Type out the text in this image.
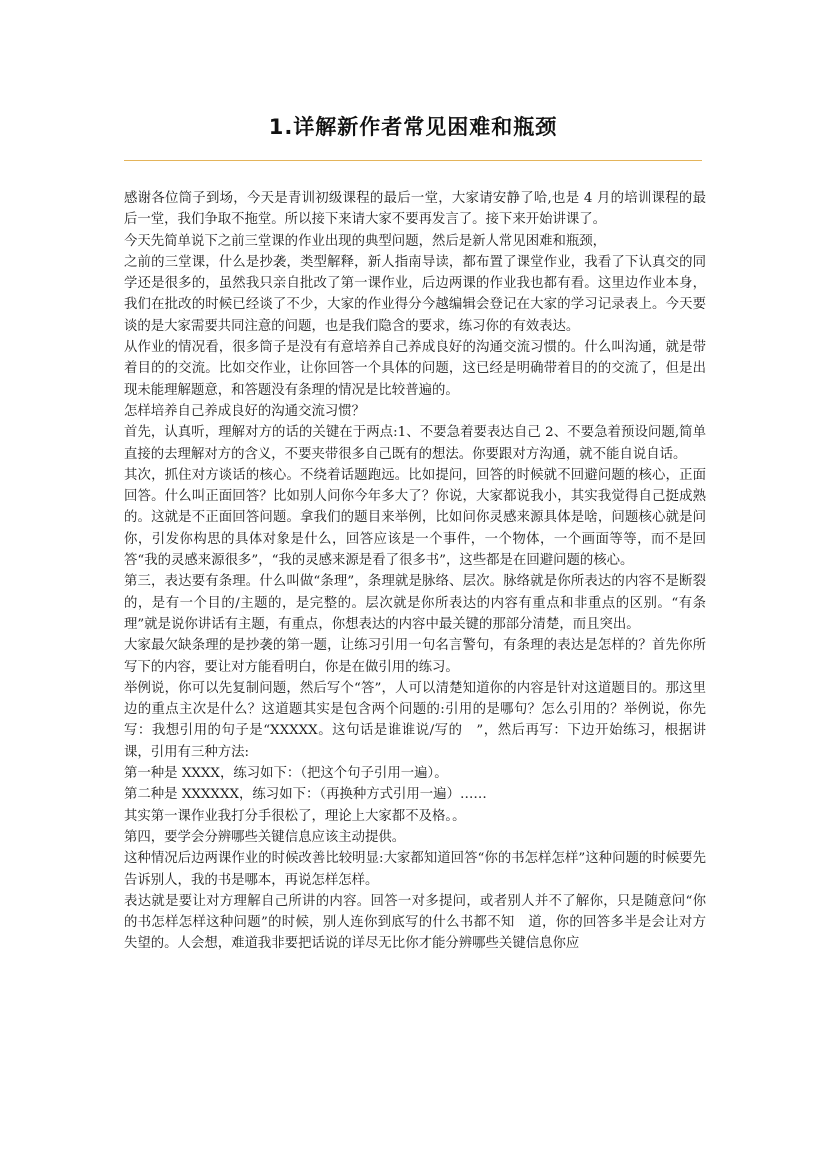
1.详解新作者常见困难和瓶颈

感谢各位筒子到场，今天是青训初级课程的最后一堂，大家请安静了哈,也是 4 月的培训课程的最后一堂，我们争取不拖堂。所以接下来请大家不要再发言了。接下来开始讲课了。

今天先简单说下之前三堂课的作业出现的典型问题，然后是新人常见困难和瓶颈，

之前的三堂课，什么是抄袭，类型解释，新人指南导读，都布置了课堂作业，我看了下认真交的同学还是很多的，虽然我只亲自批改了第一课作业，后边两课的作业我也都有看。这里边作业本身，我们在批改的时候已经谈了不少，大家的作业得分今越编辑会登记在大家的学习记录表上。今天要谈的是大家需要共同注意的问题，也是我们隐含的要求，练习你的有效表达。

从作业的情况看，很多筒子是没有有意培养自己养成良好的沟通交流习惯的。什么叫沟通，就是带着目的的交流。比如交作业，让你回答一个具体的问题，这已经是明确带着目的的交流了，但是出现未能理解题意，和答题没有条理的情况是比较普遍的。

怎样培养自己养成良好的沟通交流习惯？

首先，认真听，理解对方的话的关键在于两点:1、不要急着要表达自己 2、不要急着预设问题,简单直接的去理解对方的含义，不要夹带很多自己既有的想法。你要跟对方沟通，就不能自说自话。

其次，抓住对方谈话的核心。不绕着话题跑远。比如提问，回答的时候就不回避问题的核心，正面回答。什么叫正面回答？比如别人问你今年多大了？你说，大家都说我小，其实我觉得自己挺成熟的。这就是不正面回答问题。拿我们的题目来举例，比如问你灵感来源具体是啥，问题核心就是问你，引发你构思的具体对象是什么，回答应该是一个事件，一个物体，一个画面等等，而不是回答“我的灵感来源很多”，“我的灵感来源是看了很多书”，这些都是在回避问题的核心。

第三，表达要有条理。什么叫做“条理”，条理就是脉络、层次。脉络就是你所表达的内容不是断裂的，是有一个目的/主题的，是完整的。层次就是你所表达的内容有重点和非重点的区别。“有条理”就是说你讲话有主题，有重点，你想表达的内容中最关键的那部分清楚，而且突出。

大家最欠缺条理的是抄袭的第一题，让练习引用一句名言警句，有条理的表达是怎样的？首先你所写下的内容，要让对方能看明白，你是在做引用的练习。

举例说，你可以先复制问题，然后写个“答”，人可以清楚知道你的内容是针对这道题目的。那这里边的重点主次是什么？这道题其实是包含两个问题的:引用的是哪句？怎么引用的？举例说，你先写：我想引用的句子是“XXXXX。这句话是谁谁说/写的　”，然后再写：下边开始练习，根据讲课，引用有三种方法:

第一种是 XXXX，练习如下：（把这个句子引用一遍）。

第二种是 XXXXXX，练习如下：（再换种方式引用一遍）……

其实第一课作业我打分手很松了，理论上大家都不及格。。

第四，要学会分辨哪些关键信息应该主动提供。

这种情况后边两课作业的时候改善比较明显:大家都知道回答“你的书怎样怎样”这种问题的时候要先告诉别人，我的书是哪本，再说怎样怎样。

表达就是要让对方理解自己所讲的内容。回答一对多提问，或者别人并不了解你，只是随意问“你的书怎样怎样这种问题”的时候，别人连你到底写的什么书都不知　道，你的回答多半是会让对方失望的。人会想，难道我非要把话说的详尽无比你才能分辨哪些关键信息你应
